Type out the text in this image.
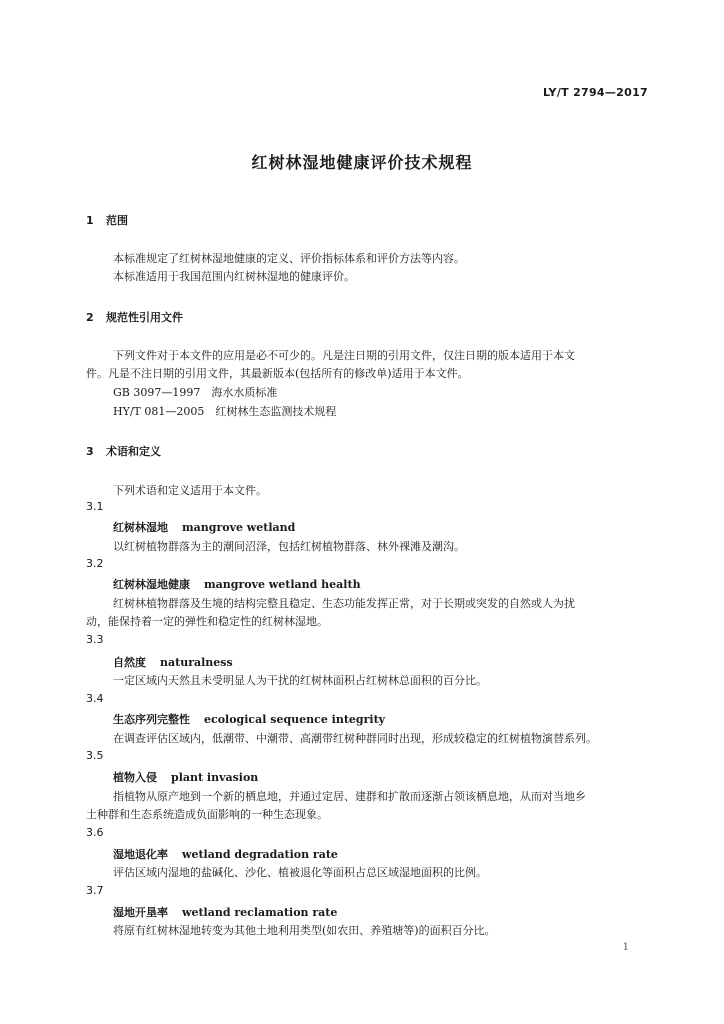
LY/T 2794—2017
红树林湿地健康评价技术规程
1 范围
本标准规定了红树林湿地健康的定义、评价指标体系和评价方法等内容。
本标准适用于我国范围内红树林湿地的健康评价。
2 规范性引用文件
下列文件对于本文件的应用是必不可少的。凡是注日期的引用文件，仅注日期的版本适用于本文
件。凡是不注日期的引用文件，其最新版本(包括所有的修改单)适用于本文件。
GB 3097—1997　海水水质标准
HY/T 081—2005　红树林生态监测技术规程
3 术语和定义
下列术语和定义适用于本文件。
3.1
红树林湿地 mangrove wetland
以红树植物群落为主的潮间沼泽，包括红树植物群落、林外裸滩及潮沟。
3.2
红树林湿地健康 mangrove wetland health
红树林植物群落及生境的结构完整且稳定、生态功能发挥正常，对于长期或突发的自然或人为扰
动，能保持着一定的弹性和稳定性的红树林湿地。
3.3
自然度 naturalness
一定区域内天然且未受明显人为干扰的红树林面积占红树林总面积的百分比。
3.4
生态序列完整性 ecological sequence integrity
在调查评估区域内，低潮带、中潮带、高潮带红树种群同时出现，形成较稳定的红树植物演替系列。
3.5
植物入侵 plant invasion
指植物从原产地到一个新的栖息地，并通过定居、建群和扩散而逐渐占领该栖息地，从而对当地乡
土种群和生态系统造成负面影响的一种生态现象。
3.6
湿地退化率 wetland degradation rate
评估区域内湿地的盐碱化、沙化、植被退化等面积占总区域湿地面积的比例。
3.7
湿地开垦率 wetland reclamation rate
将原有红树林湿地转变为其他土地利用类型(如农田、养殖塘等)的面积百分比。
1
